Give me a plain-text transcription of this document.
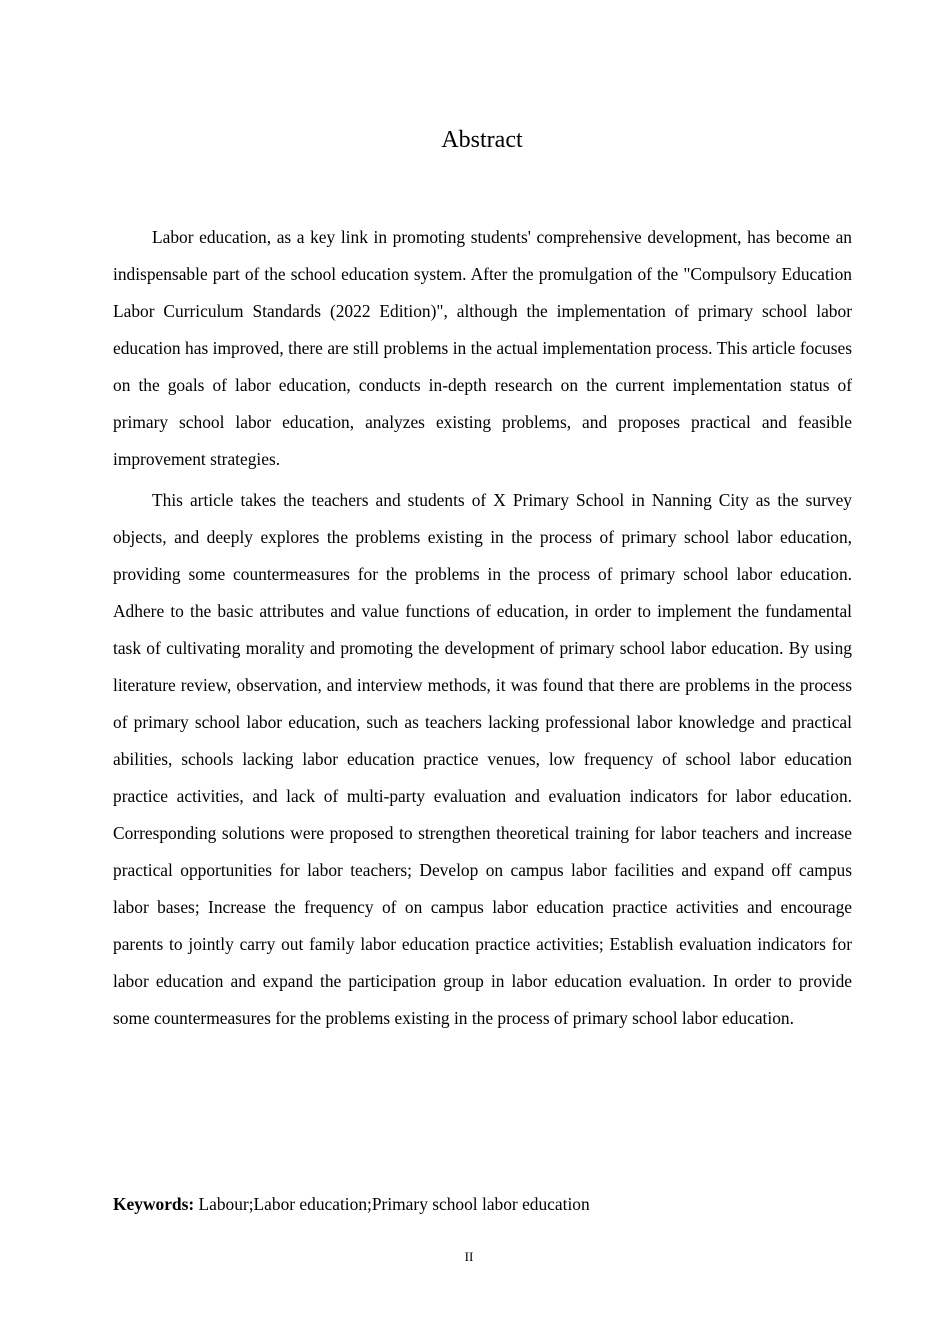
Abstract

Labor education, as a key link in promoting students' comprehensive development, has become an indispensable part of the school education system. After the promulgation of the "Compulsory Education Labor Curriculum Standards (2022 Edition)", although the implementation of primary school labor education has improved, there are still problems in the actual implementation process. This article focuses on the goals of labor education, conducts in-depth research on the current implementation status of primary school labor education, analyzes existing problems, and proposes practical and feasible improvement strategies.

This article takes the teachers and students of X Primary School in Nanning City as the survey objects, and deeply explores the problems existing in the process of primary school labor education, providing some countermeasures for the problems in the process of primary school labor education. Adhere to the basic attributes and value functions of education, in order to implement the fundamental task of cultivating morality and promoting the development of primary school labor education. By using literature review, observation, and interview methods, it was found that there are problems in the process of primary school labor education, such as teachers lacking professional labor knowledge and practical abilities, schools lacking labor education practice venues, low frequency of school labor education practice activities, and lack of multi-party evaluation and evaluation indicators for labor education. Corresponding solutions were proposed to strengthen theoretical training for labor teachers and increase practical opportunities for labor teachers; Develop on campus labor facilities and expand off campus labor bases; Increase the frequency of on campus labor education practice activities and encourage parents to jointly carry out family labor education practice activities; Establish evaluation indicators for labor education and expand the participation group in labor education evaluation. In order to provide some countermeasures for the problems existing in the process of primary school labor education.

Keywords: Labour;Labor education;Primary school labor education

II
